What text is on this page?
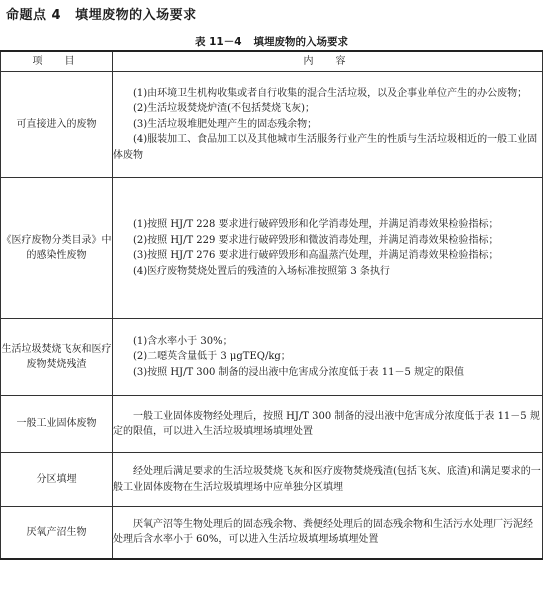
命题点 4 填埋废物的入场要求
表 11－4 填埋废物的入场要求
项　目	内　容
可直接进入的废物	(1)由环境卫生机构收集或者自行收集的混合生活垃圾，以及企事业单位产生的办公废物；
(2)生活垃圾焚烧炉渣(不包括焚烧飞灰)；
(3)生活垃圾堆肥处理产生的固态残余物；
(4)服装加工、食品加工以及其他城市生活服务行业产生的性质与生活垃圾相近的一般工业固体废物

《医疗废物分类目录》中的感染性废物	(1)按照 HJ/T 228 要求进行破碎毁形和化学消毒处理，并满足消毒效果检验指标；
(2)按照 HJ/T 229 要求进行破碎毁形和微波消毒处理，并满足消毒效果检验指标；
(3)按照 HJ/T 276 要求进行破碎毁形和高温蒸汽处理，并满足消毒效果检验指标；
(4)医疗废物焚烧处置后的残渣的入场标准按照第 3 条执行

生活垃圾焚烧飞灰和医疗废物焚烧残渣	(1)含水率小于 30%；
(2)二噁英含量低于 3 μgTEQ/kg；
(3)按照 HJ/T 300 制备的浸出液中危害成分浓度低于表 11－5 规定的限值

一般工业固体废物	一般工业固体废物经处理后，按照 HJ/T 300 制备的浸出液中危害成分浓度低于表 11－5 规定的限值，可以进入生活垃圾填埋场填埋处置

分区填埋	经处理后满足要求的生活垃圾焚烧飞灰和医疗废物焚烧残渣(包括飞灰、底渣)和满足要求的一般工业固体废物在生活垃圾填埋场中应单独分区填埋

厌氧产沼生物	厌氧产沼等生物处理后的固态残余物、粪便经处理后的固态残余物和生活污水处理厂污泥经处理后含水率小于 60%，可以进入生活垃圾填埋场填埋处置
